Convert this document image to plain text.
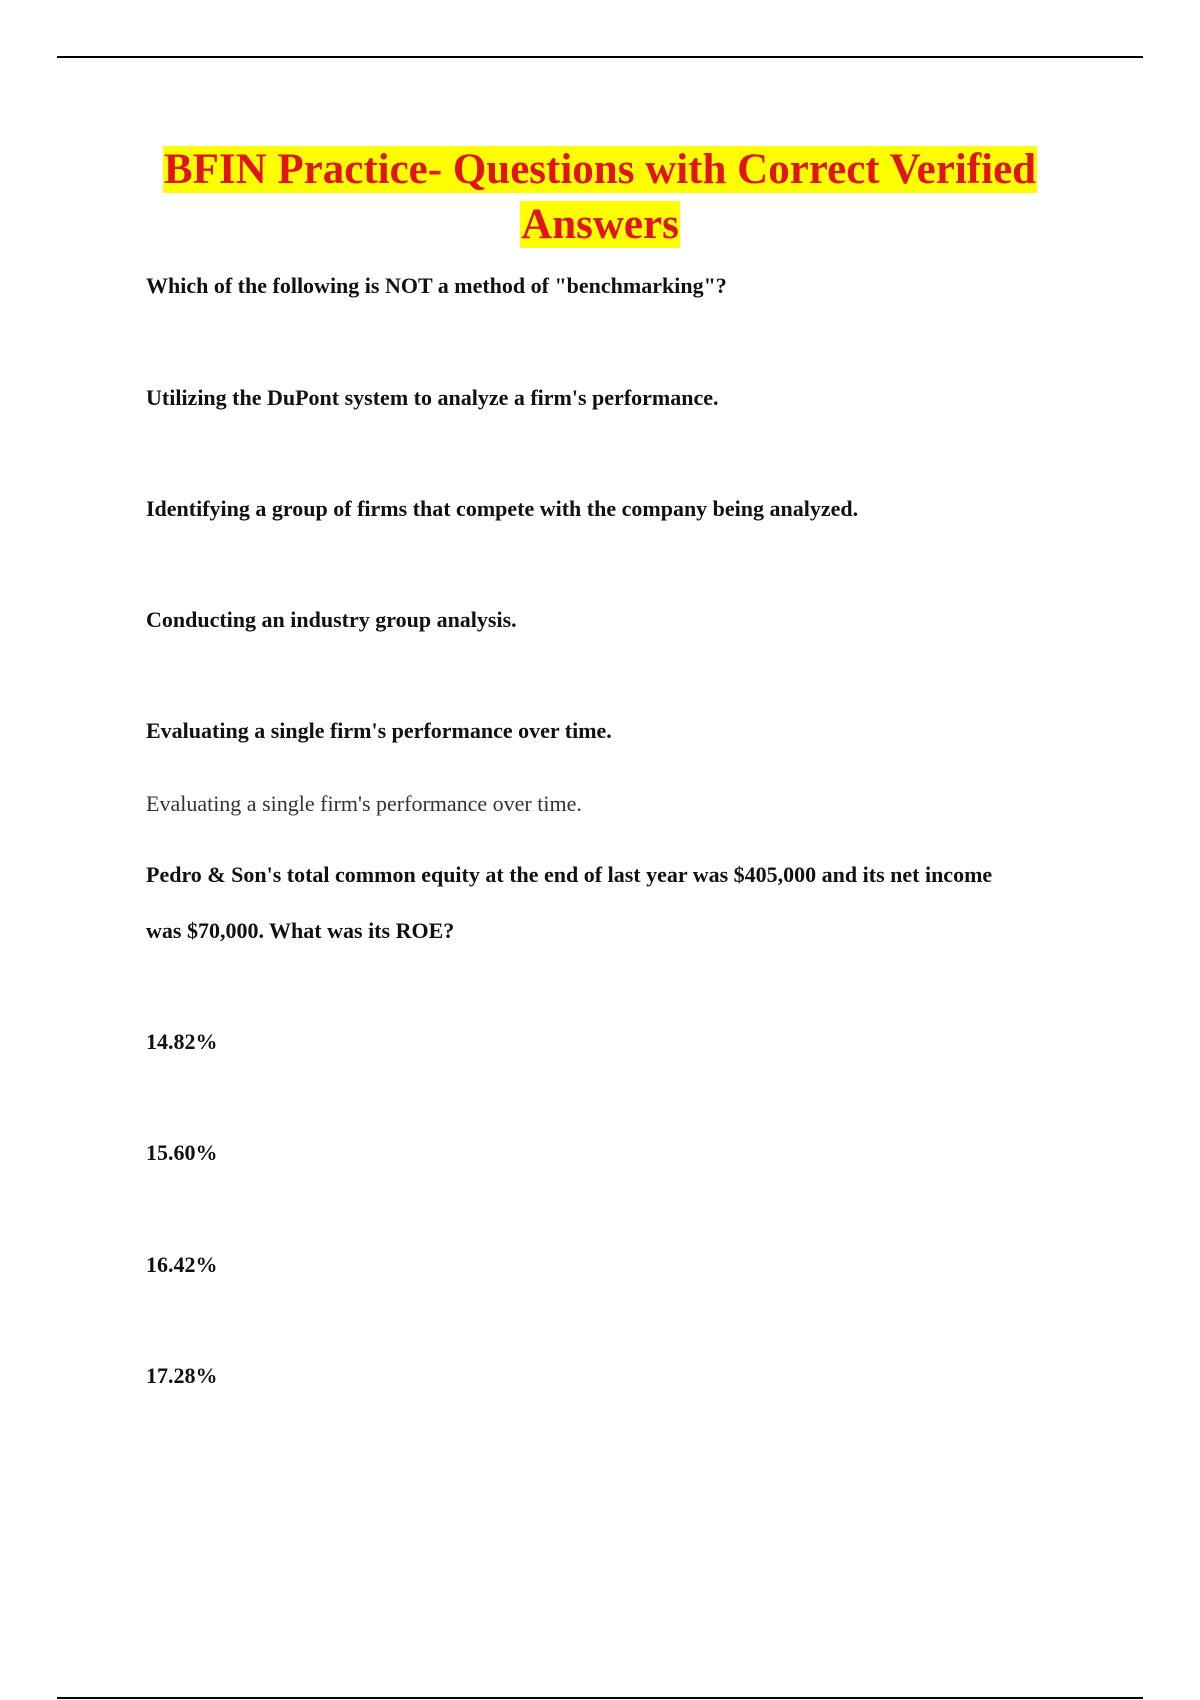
BFIN Practice- Questions with Correct Verified
Answers
Which of the following is NOT a method of "benchmarking"?
Utilizing the DuPont system to analyze a firm's performance.
Identifying a group of firms that compete with the company being analyzed.
Conducting an industry group analysis.
Evaluating a single firm's performance over time.
Evaluating a single firm's performance over time.
Pedro & Son's total common equity at the end of last year was $405,000 and its net income
was $70,000. What was its ROE?
14.82%
15.60%
16.42%
17.28%
